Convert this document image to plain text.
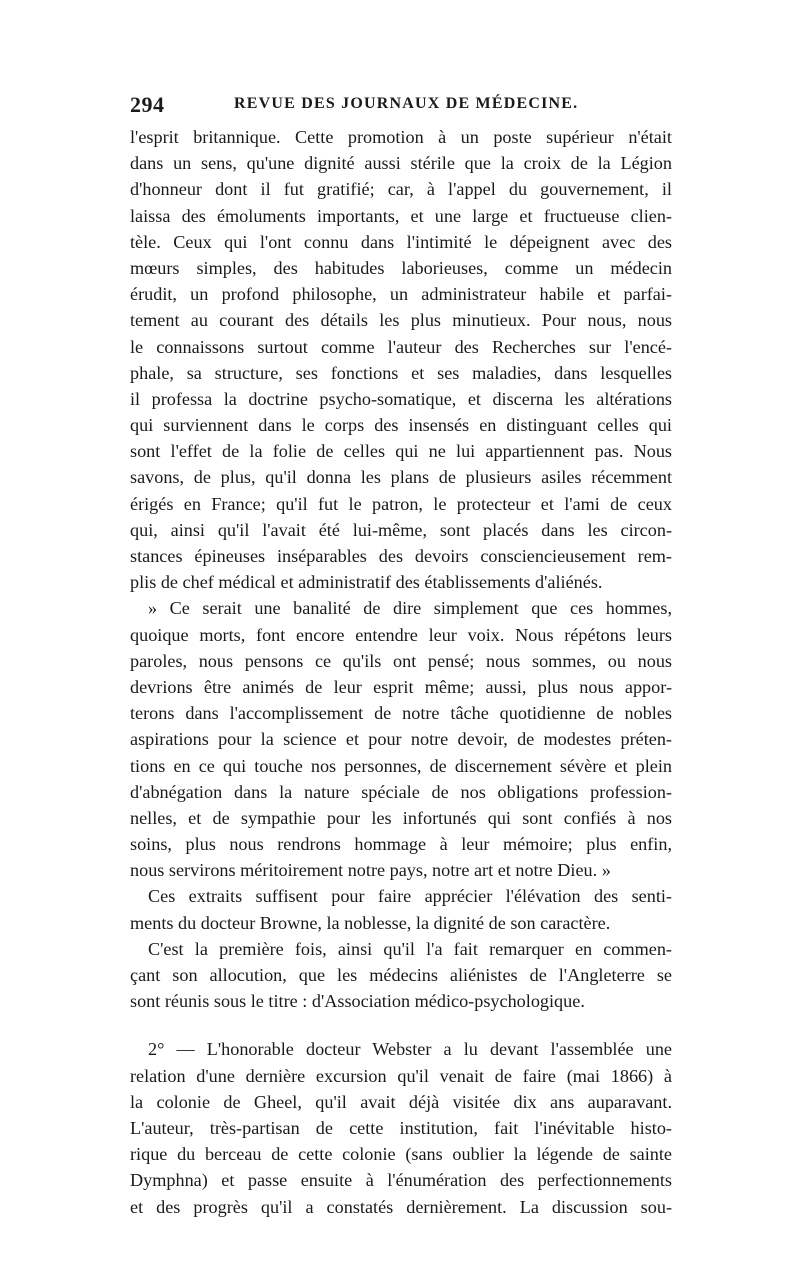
294	REVUE DES JOURNAUX DE MÉDECINE.
l'esprit britannique. Cette promotion à un poste supérieur n'était
dans un sens, qu'une dignité aussi stérile que la croix de la Légion
d'honneur dont il fut gratifié; car, à l'appel du gouvernement, il
laissa des émoluments importants, et une large et fructueuse clien-
tèle. Ceux qui l'ont connu dans l'intimité le dépeignent avec des
mœurs simples, des habitudes laborieuses, comme un médecin
érudit, un profond philosophe, un administrateur habile et parfai-
tement au courant des détails les plus minutieux. Pour nous, nous
le connaissons surtout comme l'auteur des Recherches sur l'encé-
phale, sa structure, ses fonctions et ses maladies, dans lesquelles
il professa la doctrine psycho-somatique, et discerna les altérations
qui surviennent dans le corps des insensés en distinguant celles qui
sont l'effet de la folie de celles qui ne lui appartiennent pas. Nous
savons, de plus, qu'il donna les plans de plusieurs asiles récemment
érigés en France; qu'il fut le patron, le protecteur et l'ami de ceux
qui, ainsi qu'il l'avait été lui-même, sont placés dans les circon-
stances épineuses inséparables des devoirs consciencieusement rem-
plis de chef médical et administratif des établissements d'aliénés.
» Ce serait une banalité de dire simplement que ces hommes,
quoique morts, font encore entendre leur voix. Nous répétons leurs
paroles, nous pensons ce qu'ils ont pensé; nous sommes, ou nous
devrions être animés de leur esprit même; aussi, plus nous appor-
terons dans l'accomplissement de notre tâche quotidienne de nobles
aspirations pour la science et pour notre devoir, de modestes préten-
tions en ce qui touche nos personnes, de discernement sévère et plein
d'abnégation dans la nature spéciale de nos obligations profession-
nelles, et de sympathie pour les infortunés qui sont confiés à nos
soins, plus nous rendrons hommage à leur mémoire; plus enfin,
nous servirons méritoirement notre pays, notre art et notre Dieu. »
Ces extraits suffisent pour faire apprécier l'élévation des senti-
ments du docteur Browne, la noblesse, la dignité de son caractère.
C'est la première fois, ainsi qu'il l'a fait remarquer en commen-
çant son allocution, que les médecins aliénistes de l'Angleterre se
sont réunis sous le titre : d'Association médico-psychologique.
2° — L'honorable docteur Webster a lu devant l'assemblée une
relation d'une dernière excursion qu'il venait de faire (mai 1866) à
la colonie de Gheel, qu'il avait déjà visitée dix ans auparavant.
L'auteur, très-partisan de cette institution, fait l'inévitable histo-
rique du berceau de cette colonie (sans oublier la légende de sainte
Dymphna) et passe ensuite à l'énumération des perfectionnements
et des progrès qu'il a constatés dernièrement. La discussion sou-
